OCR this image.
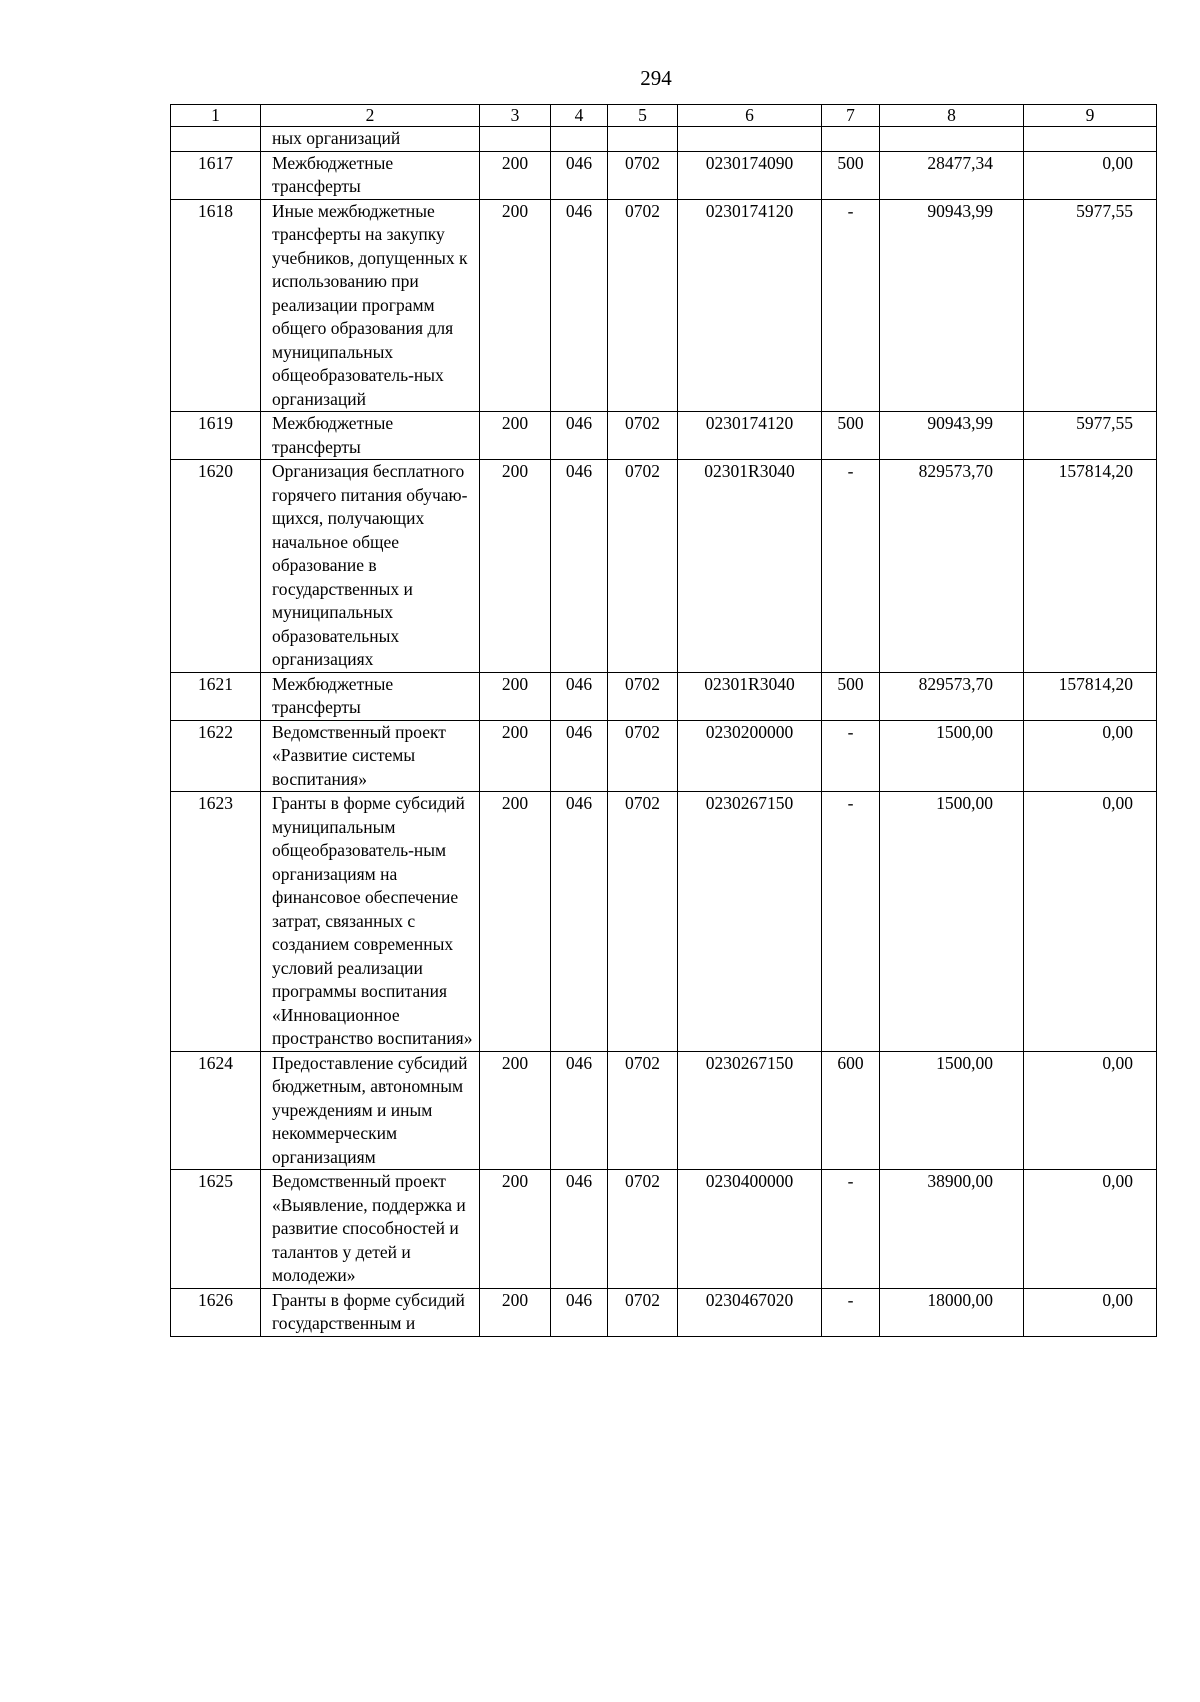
294
1	2	3	4	5	6	7	8	9
	ных организаций							
1617	Межбюджетные трансферты	200	046	0702	0230174090	500	28477,34	0,00
1618	Иные межбюджетные трансферты на закупку учебников, допущенных к использованию при реализации программ общего образования для муниципальных общеобразователь-ных организаций	200	046	0702	0230174120	-	90943,99	5977,55
1619	Межбюджетные трансферты	200	046	0702	0230174120	500	90943,99	5977,55
1620	Организация бесплатного горячего питания обучаю-щихся, получающих начальное общее образование в государственных и муниципальных образовательных организациях	200	046	0702	02301R3040	-	829573,70	157814,20
1621	Межбюджетные трансферты	200	046	0702	02301R3040	500	829573,70	157814,20
1622	Ведомственный проект «Развитие системы воспитания»	200	046	0702	0230200000	-	1500,00	0,00
1623	Гранты в форме субсидий муниципальным общеобразователь-ным организациям на финансовое обеспечение затрат, связанных с созданием современных условий реализации программы воспитания «Инновационное пространство воспитания»	200	046	0702	0230267150	-	1500,00	0,00
1624	Предоставление субсидий бюджетным, автономным учреждениям и иным некоммерческим организациям	200	046	0702	0230267150	600	1500,00	0,00
1625	Ведомственный проект «Выявление, поддержка и развитие способностей и талантов у детей и молодежи»	200	046	0702	0230400000	-	38900,00	0,00
1626	Гранты в форме субсидий государственным и	200	046	0702	0230467020	-	18000,00	0,00
